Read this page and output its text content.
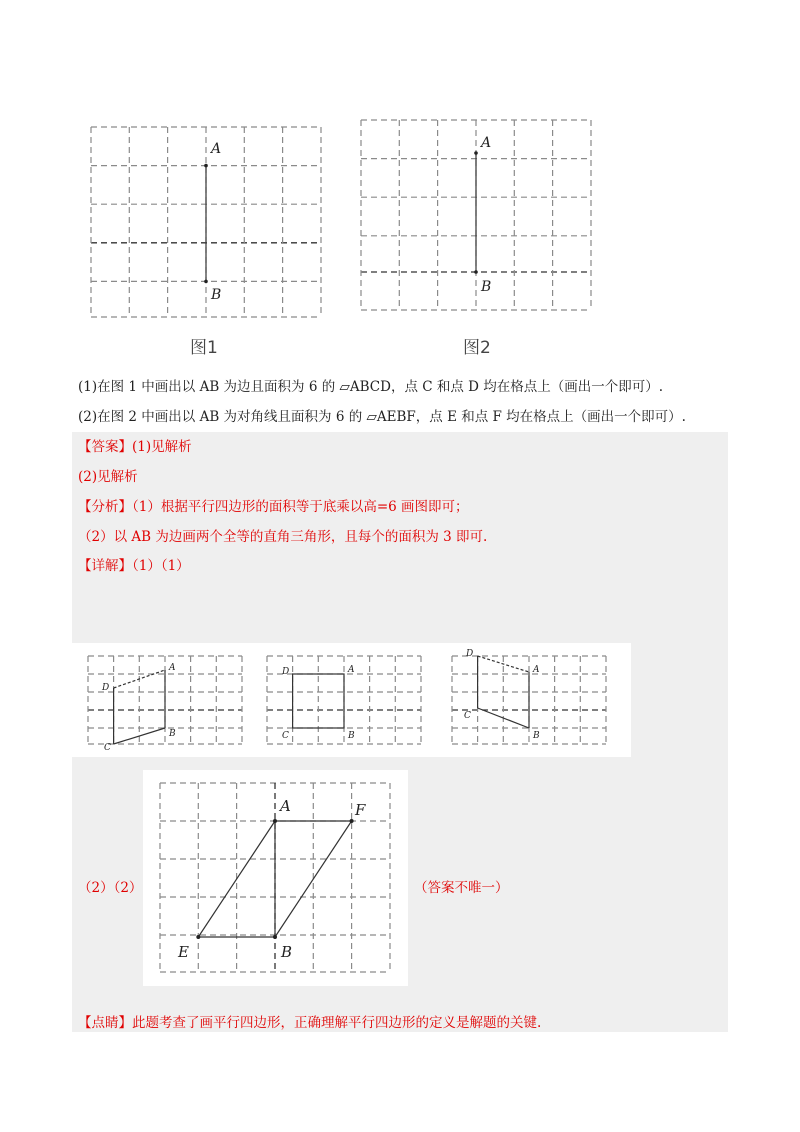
A
B
图1
A
B
图2
(1)在图 1 中画出以 AB 为边且面积为 6 的 ▱ABCD，点 C 和点 D 均在格点上（画出一个即可）.
(2)在图 2 中画出以 AB 为对角线且面积为 6 的 ▱AEBF，点 E 和点 F 均在格点上（画出一个即可）.
【答案】(1)见解析
(2)见解析
【分析】（1）根据平行四边形的面积等于底乘以高=6 画图即可；
（2）以 AB 为边画两个全等的直角三角形，且每个的面积为 3 即可.
【详解】（1）（1）
A
B
C
D
A
B
C
D	A
B
C
D
（2）（2）
A	F
E	B
（答案不唯一）
【点睛】此题考查了画平行四边形，正确理解平行四边形的定义是解题的关键.
